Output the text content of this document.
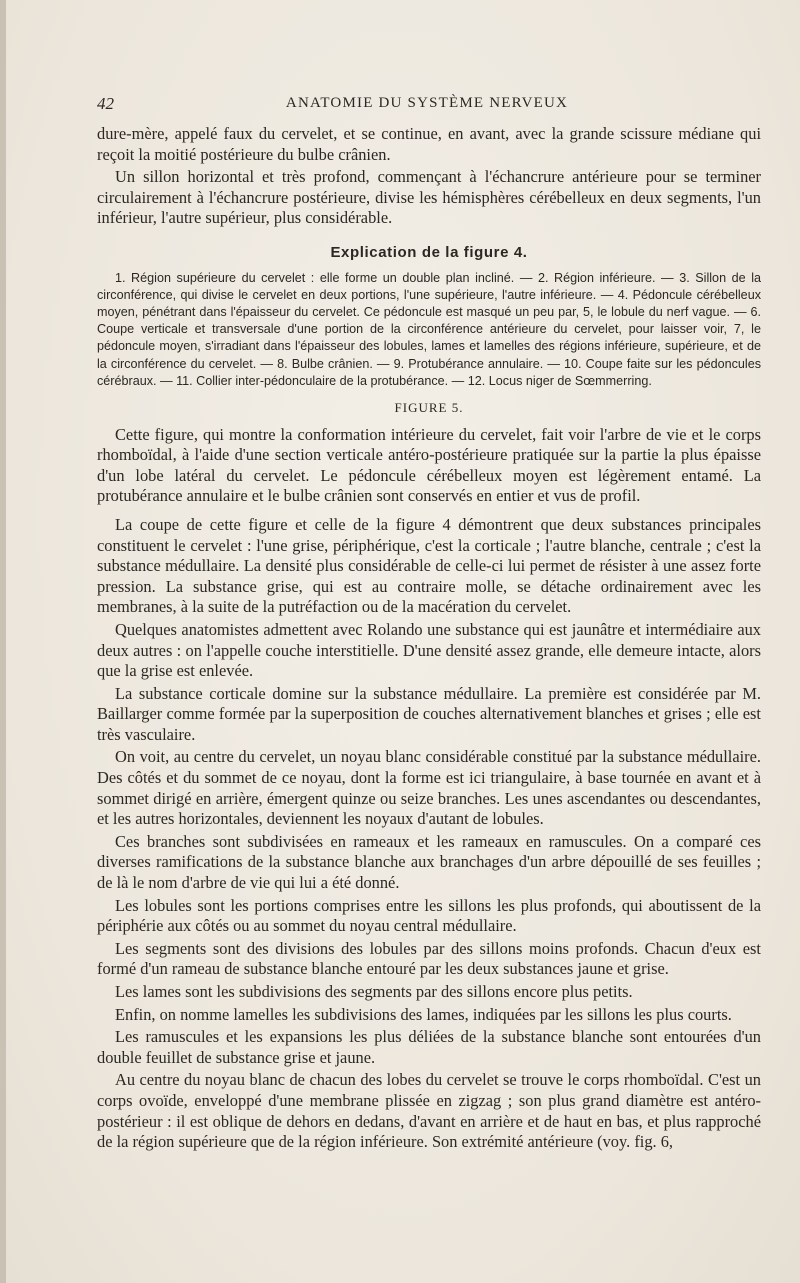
42	ANATOMIE DU SYSTÈME NERVEUX

dure-mère, appelé faux du cervelet, et se continue, en avant, avec la grande scissure médiane qui reçoit la moitié postérieure du bulbe crânien.

Un sillon horizontal et très profond, commençant à l'échancrure antérieure pour se terminer circulairement à l'échancrure postérieure, divise les hémisphères cérébelleux en deux segments, l'un inférieur, l'autre supérieur, plus considérable.

Explication de la figure 4.
1. Région supérieure du cervelet : elle forme un double plan incliné. — 2. Région inférieure. — 3. Sillon de la circonférence, qui divise le cervelet en deux portions, l'une supérieure, l'autre inférieure. — 4. Pédoncule cérébelleux moyen, pénétrant dans l'épaisseur du cervelet. Ce pédoncule est masqué un peu par, 5, le lobule du nerf vague. — 6. Coupe verticale et transversale d'une portion de la circonférence antérieure du cervelet, pour laisser voir, 7, le pédoncule moyen, s'irradiant dans l'épaisseur des lobules, lames et lamelles des régions inférieure, supérieure, et de la circonférence du cervelet. — 8. Bulbe crânien. — 9. Protubérance annulaire. — 10. Coupe faite sur les pédoncules cérébraux. — 11. Collier inter-pédonculaire de la protubérance. — 12. Locus niger de Sœmmerring.
FIGURE 5.

Cette figure, qui montre la conformation intérieure du cervelet, fait voir l'arbre de vie et le corps rhomboïdal, à l'aide d'une section verticale antéro-postérieure pratiquée sur la partie la plus épaisse d'un lobe latéral du cervelet. Le pédoncule cérébelleux moyen est légèrement entamé. La protubérance annulaire et le bulbe crânien sont conservés en entier et vus de profil.

La coupe de cette figure et celle de la figure 4 démontrent que deux substances principales constituent le cervelet : l'une grise, périphérique, c'est la corticale ; l'autre blanche, centrale ; c'est la substance médullaire. La densité plus considérable de celle-ci lui permet de résister à une assez forte pression. La substance grise, qui est au contraire molle, se détache ordinairement avec les membranes, à la suite de la putréfaction ou de la macération du cervelet.

Quelques anatomistes admettent avec Rolando une substance qui est jaunâtre et intermédiaire aux deux autres : on l'appelle couche interstitielle. D'une densité assez grande, elle demeure intacte, alors que la grise est enlevée.

La substance corticale domine sur la substance médullaire. La première est considérée par M. Baillarger comme formée par la superposition de couches alternativement blanches et grises ; elle est très vasculaire.

On voit, au centre du cervelet, un noyau blanc considérable constitué par la substance médullaire. Des côtés et du sommet de ce noyau, dont la forme est ici triangulaire, à base tournée en avant et à sommet dirigé en arrière, émergent quinze ou seize branches. Les unes ascendantes ou descendantes, et les autres horizontales, deviennent les noyaux d'autant de lobules.

Ces branches sont subdivisées en rameaux et les rameaux en ramuscules. On a comparé ces diverses ramifications de la substance blanche aux branchages d'un arbre dépouillé de ses feuilles ; de là le nom d'arbre de vie qui lui a été donné.

Les lobules sont les portions comprises entre les sillons les plus profonds, qui aboutissent de la périphérie aux côtés ou au sommet du noyau central médullaire.

Les segments sont des divisions des lobules par des sillons moins profonds. Chacun d'eux est formé d'un rameau de substance blanche entouré par les deux substances jaune et grise.

Les lames sont les subdivisions des segments par des sillons encore plus petits.

Enfin, on nomme lamelles les subdivisions des lames, indiquées par les sillons les plus courts.

Les ramuscules et les expansions les plus déliées de la substance blanche sont entourées d'un double feuillet de substance grise et jaune.

Au centre du noyau blanc de chacun des lobes du cervelet se trouve le corps rhomboïdal. C'est un corps ovoïde, enveloppé d'une membrane plissée en zigzag ; son plus grand diamètre est antéro-postérieur : il est oblique de dehors en dedans, d'avant en arrière et de haut en bas, et plus rapproché de la région supérieure que de la région inférieure. Son extrémité antérieure (voy. fig. 6,
